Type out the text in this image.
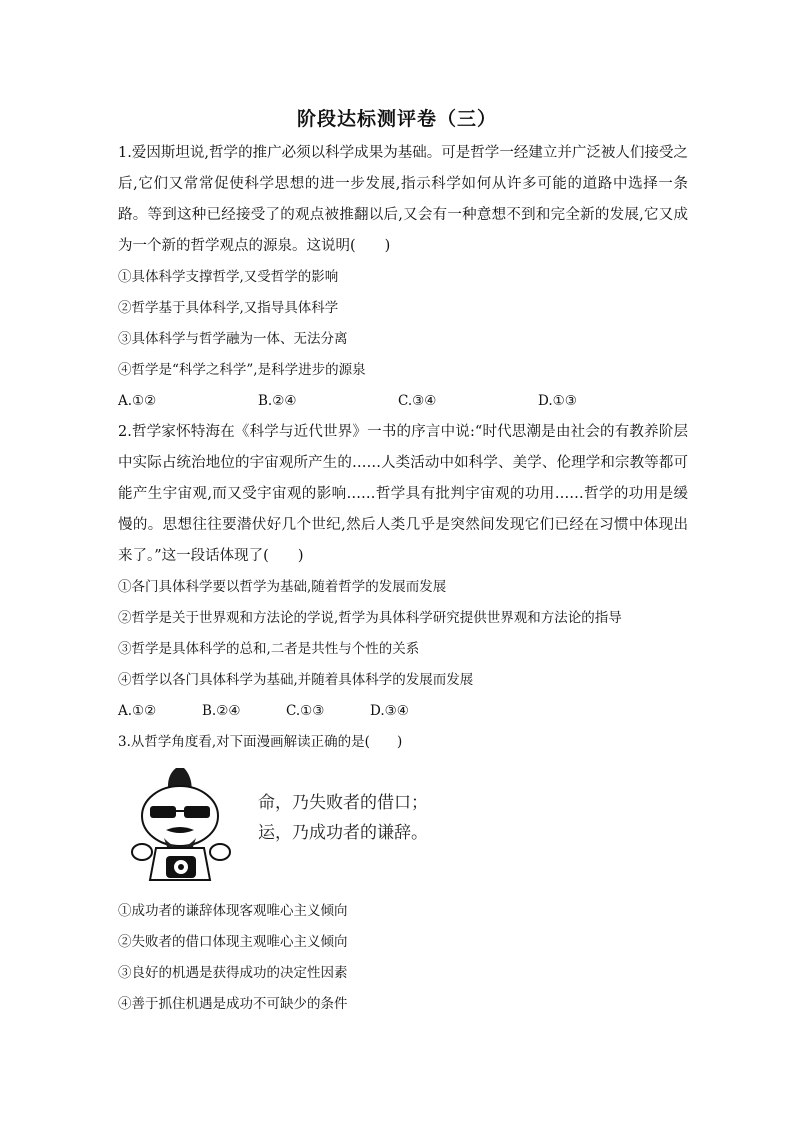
阶段达标测评卷（三）

1.爱因斯坦说,哲学的推广必须以科学成果为基础。可是哲学一经建立并广泛被人们接受之后,它们又常常促使科学思想的进一步发展,指示科学如何从许多可能的道路中选择一条路。等到这种已经接受了的观点被推翻以后,又会有一种意想不到和完全新的发展,它又成为一个新的哲学观点的源泉。这说明(　　)

①具体科学支撑哲学,又受哲学的影响

②哲学基于具体科学,又指导具体科学

③具体科学与哲学融为一体、无法分离

④哲学是“科学之科学”,是科学进步的源泉

A.①②	B.②④	C.③④	D.①③

2.哲学家怀特海在《科学与近代世界》一书的序言中说:“时代思潮是由社会的有教养阶层中实际占统治地位的宇宙观所产生的……人类活动中如科学、美学、伦理学和宗教等都可能产生宇宙观,而又受宇宙观的影响……哲学具有批判宇宙观的功用……哲学的功用是缓慢的。思想往往要潜伏好几个世纪,然后人类几乎是突然间发现它们已经在习惯中体现出来了。”这一段话体现了(　　)

①各门具体科学要以哲学为基础,随着哲学的发展而发展

②哲学是关于世界观和方法论的学说,哲学为具体科学研究提供世界观和方法论的指导

③哲学是具体科学的总和,二者是共性与个性的关系

④哲学以各门具体科学为基础,并随着具体科学的发展而发展

A.①②	B.②④	C.①③	D.③④

3.从哲学角度看,对下面漫画解读正确的是(　　)

命，乃失败者的借口；
运，乃成功者的谦辞。

①成功者的谦辞体现客观唯心主义倾向

②失败者的借口体现主观唯心主义倾向

③良好的机遇是获得成功的决定性因素

④善于抓住机遇是成功不可缺少的条件
